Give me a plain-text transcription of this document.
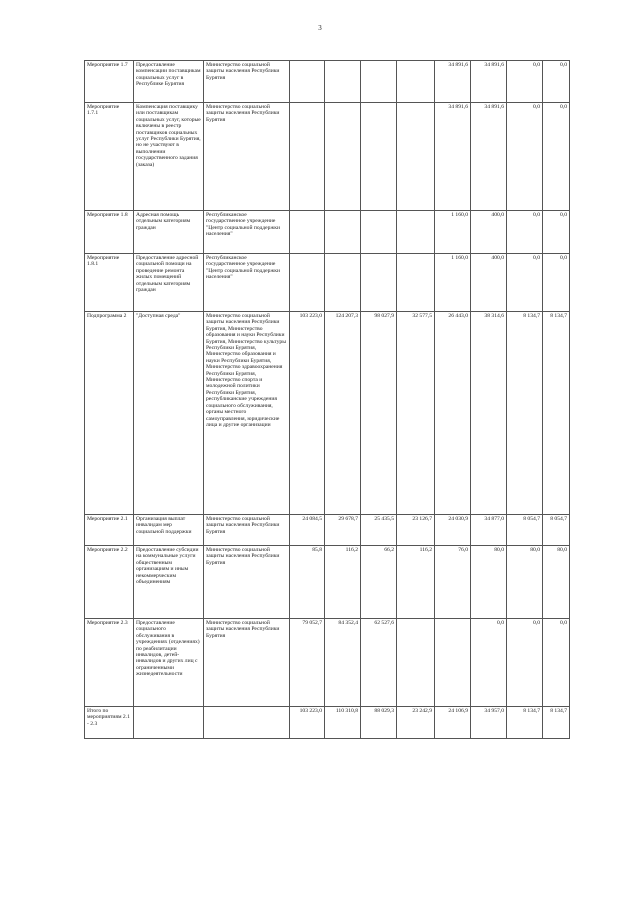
3
Мероприятие 1.7	Предоставление компенсации поставщикам социальных услуг в Республике Бурятия	Министерство социальной защиты населения Республики Бурятия					34 891,6	34 891,6	0,0	0,0
Мероприятие 1.7.1	Компенсация поставщику или поставщикам социальных услуг, которые включены в реестр поставщиков социальных услуг Республики Бурятия, но не участвуют в выполнении государственного задания (заказа)	Министерство социальной защиты населения Республики Бурятия					34 891,6	34 891,6	0,0	0,0
Мероприятие 1.8	Адресная помощь отдельным категориям граждан	Республиканское государственное учреждение "Центр социальной поддержки населения"					1 160,0	400,0	0,0	0,0
Мероприятие 1.8.1	Предоставление адресной социальной помощи на проведение ремонта жилых помещений отдельным категориям граждан	Республиканское государственное учреждение "Центр социальной поддержки населения"					1 160,0	400,0	0,0	0,0
Подпрограмма 2	"Доступная среда"	Министерство социальной защиты населения Республики Бурятия, Министерство образования и науки Республики Бурятия, Министерство культуры Республики Бурятия, Министерство образования и науки Республики Бурятия, Министерство здравоохранения Республики Бурятия, Министерство спорта и молодежной политики Республики Бурятия, республиканские учреждения социального обслуживания, органы местного самоуправления, юридические лица и другие организации	103 223,0	124 207,3	98 027,9	32 577,5	26 443,0	38 314,6	8 134,7	8 134,7
Мероприятие 2.1	Организация выплат инвалидам мер социальной поддержки	Министерство социальной защиты населения Республики Бурятия	24 084,5	29 678,7	25 435,5	23 126,7	24 030,9	34 877,0	8 054,7	8 054,7
Мероприятие 2.2	Предоставление субсидии на коммунальные услуги общественным организациям и иным некоммерческим объединениям	Министерство социальной защиты населения Республики Бурятия	85,8	116,2	66,2	116,2	76,0	80,0	80,0	80,0
Мероприятие 2.3	Предоставление социального обслуживания в учреждениях (отделениях) по реабилитации инвалидов, детей-инвалидов и других лиц с ограниченными жизнедеятельности	Министерство социальной защиты населения Республики Бурятия	79 052,7	84 352,4	62 527,6			0,0	0,0	0,0
Итого по мероприятиям 2.1 - 2.3			103 223,0	110 310,8	88 029,3	23 242,9	24 106,9	34 957,0	8 134,7	8 134,7
